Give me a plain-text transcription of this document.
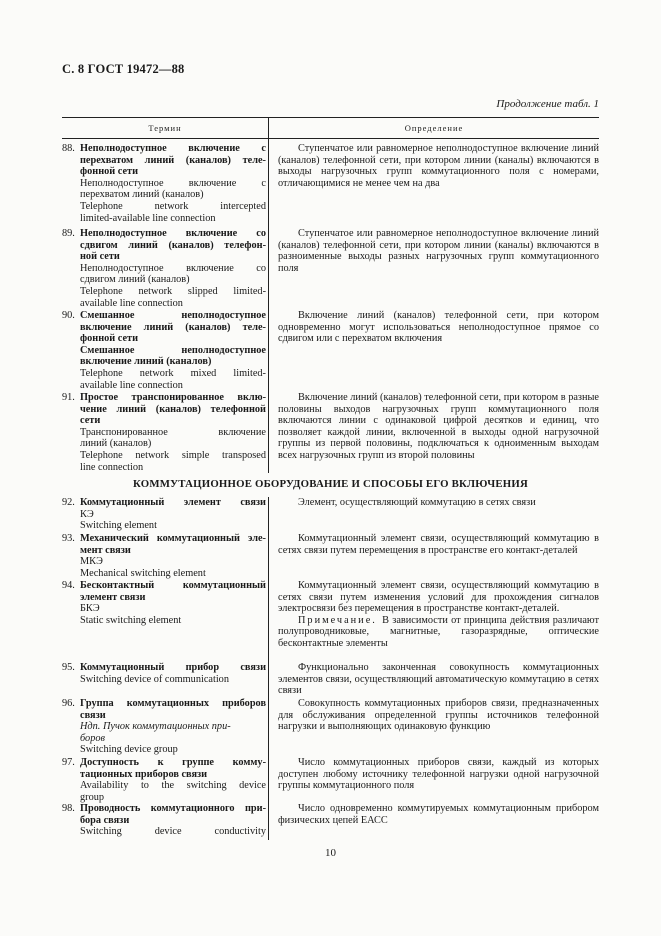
С. 8 ГОСТ 19472—88
Продолжение табл. 1
Термин	Определение
88. Неполнодоступное включение с
перехватом линий (каналов) теле-
фонной сети
Неполнодоступное включение с
перехватом линий (каналов)
Telephone network intercepted
limited-available line connection
Ступенчатое или равномерное неполнодоступное включение линий (каналов) телефонной сети, при котором линии (каналы) включаются в выходы нагрузочных групп коммутационного поля с номерами, отличающимися не менее чем на два
89. Неполнодоступное включение со
сдвигом линий (каналов) телефон-
ной сети
Неполнодоступное включение со
сдвигом линий (каналов)
Telephone network slipped limited-
available line connection
Ступенчатое или равномерное неполнодоступное включение линий (каналов) телефонной сети, при котором линии (каналы) включаются в разноименные выходы разных нагрузочных групп коммутационного поля
90. Смешанное неполнодоступное
включение линий (каналов) теле-
фонной сети
Смешанное неполнодоступное
включение линий (каналов)
Telephone network mixed limited-
available line connection
Включение линий (каналов) телефонной сети, при котором одновременно могут использоваться неполнодоступное прямое со сдвигом или с перехватом включения
91. Простое транспонированное вклю-
чение линий (каналов) телефонной
сети
Транспонированное включение
линий (каналов)
Telephone network simple transposed
line connection
Включение линий (каналов) телефонной сети, при котором в разные половины выходов нагрузочных групп коммутационного поля включаются линии с одинаковой цифрой десятков и единиц, что позволяет каждой линии, включенной в выходы одной нагрузочной группы из первой половины, подключаться к одноименным выходам всех нагрузочных групп из второй половины
КОММУТАЦИОННОЕ ОБОРУДОВАНИЕ И СПОСОБЫ ЕГО ВКЛЮЧЕНИЯ
92. Коммутационный элемент связи
КЭ
Switching element
Элемент, осуществляющий коммутацию в сетях связи
93. Механический коммутационный эле-
мент связи
МКЭ
Mechanical switching element
Коммутационный элемент связи, осуществляющий коммутацию в сетях связи путем перемещения в пространстве его контакт-деталей
94. Бесконтактный коммутационный
элемент связи
БКЭ
Static switching element
Коммутационный элемент связи, осуществляющий коммутацию в сетях связи путем изменения условий для прохождения сигналов электросвязи без перемещения в пространстве контакт-деталей.
Примечание. В зависимости от принципа действия различают полупроводниковые, магнитные, газоразрядные, оптические бесконтактные элементы
95. Коммутационный прибор связи
Switching device of communication
Функционально законченная совокупность коммутационных элементов связи, осуществляющий автоматическую коммутацию в сетях связи
96. Группа коммутационных приборов
связи
Ндп. Пучок коммутационных при-
боров
Switching device group
Совокупность коммутационных приборов связи, предназначенных для обслуживания определенной группы источников телефонной нагрузки и выполняющих одинаковую функцию
97. Доступность к группе комму-
тационных приборов связи
Availability to the switching device
group
Число коммутационных приборов связи, каждый из которых доступен любому источнику телефонной нагрузки одной нагрузочной группы коммутационного поля
98. Проводность коммутационного при-
бора связи
Switching device conductivity
Число одновременно коммутируемых коммутационным прибором физических цепей ЕАСС
10
